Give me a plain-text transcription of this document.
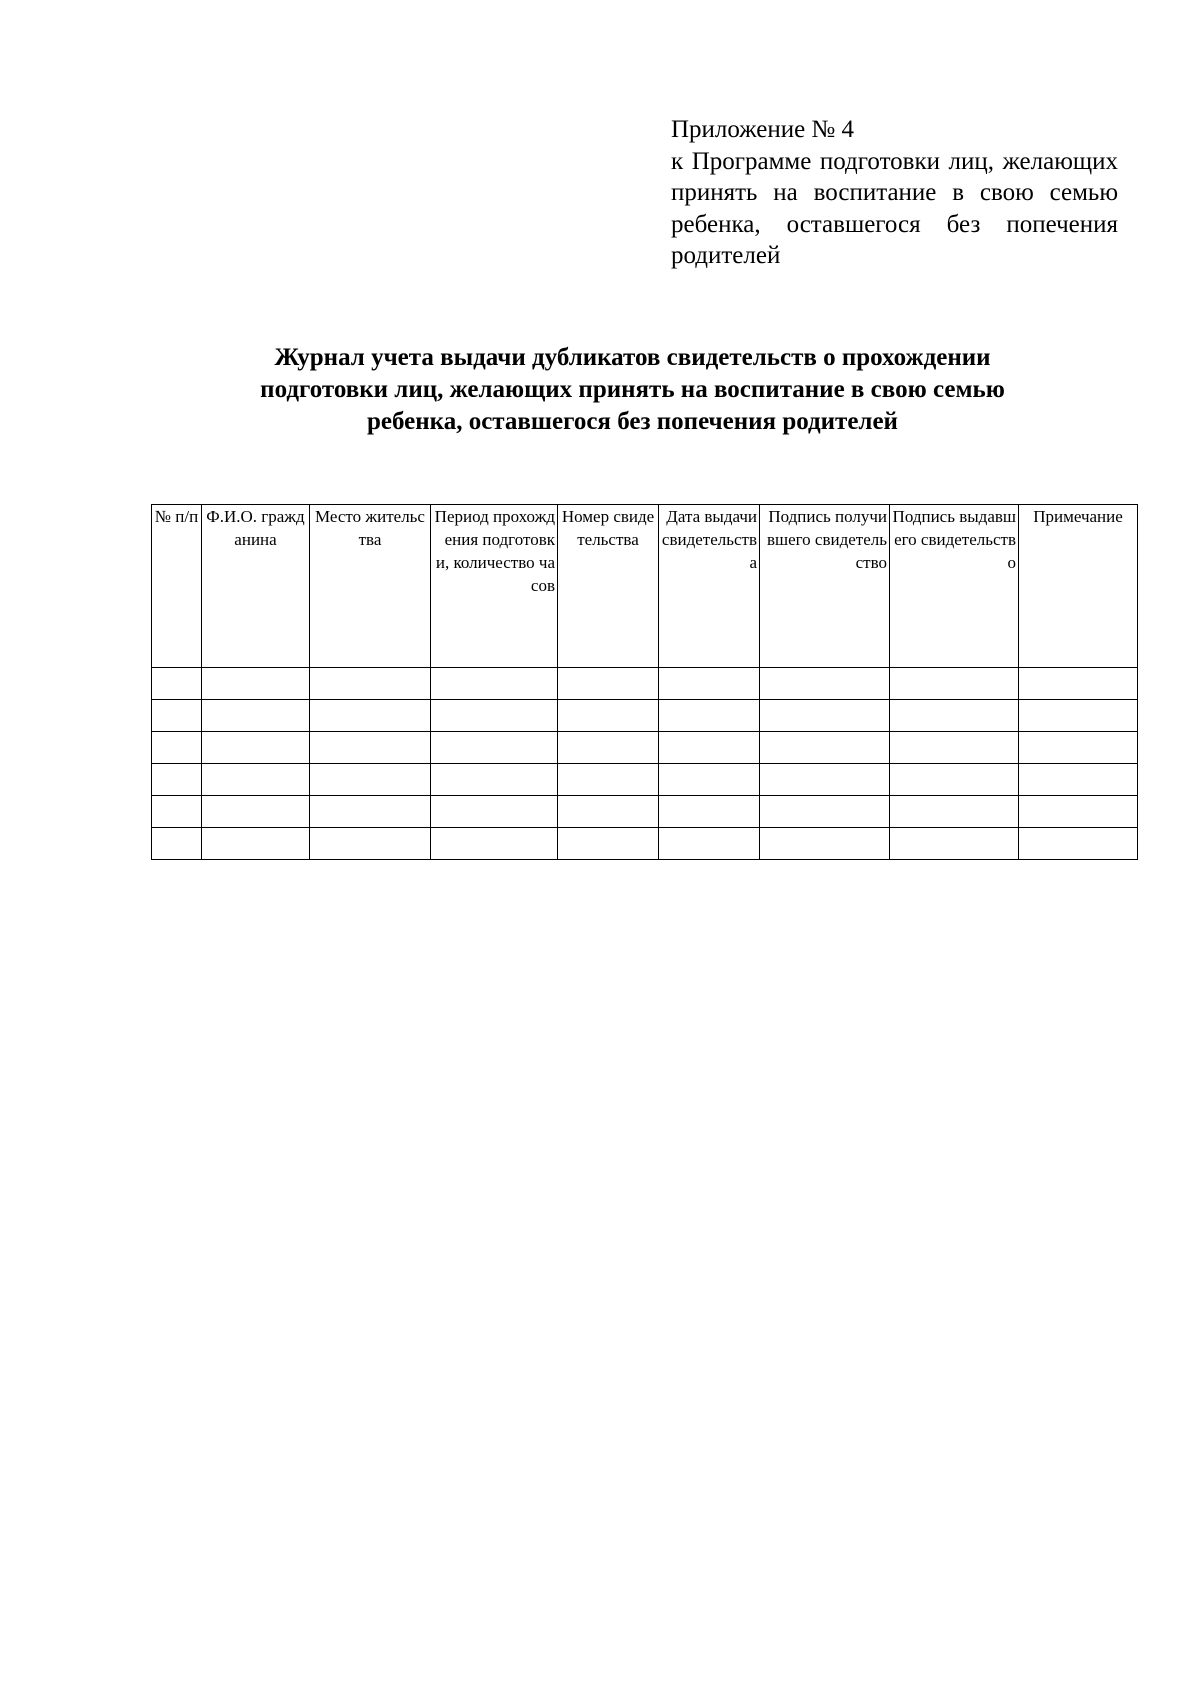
Приложение № 4
к Программе подготовки лиц, желающих принять на воспитание в свою семью ребенка, оставшегося без попечения родителей
Журнал учета выдачи дубликатов свидетельств о прохождении
подготовки лиц, желающих принять на воспитание в свою семью
ребенка, оставшегося без попечения родителей
№ п/п	Ф.И.О. гражданина	Место жительства	Период прохождения подготовки, количество часов	Номер свидетельства	Дата выдачи свидетельства	Подпись получившего свидетельство	Подпись выдавшего свидетельство	Примечание
